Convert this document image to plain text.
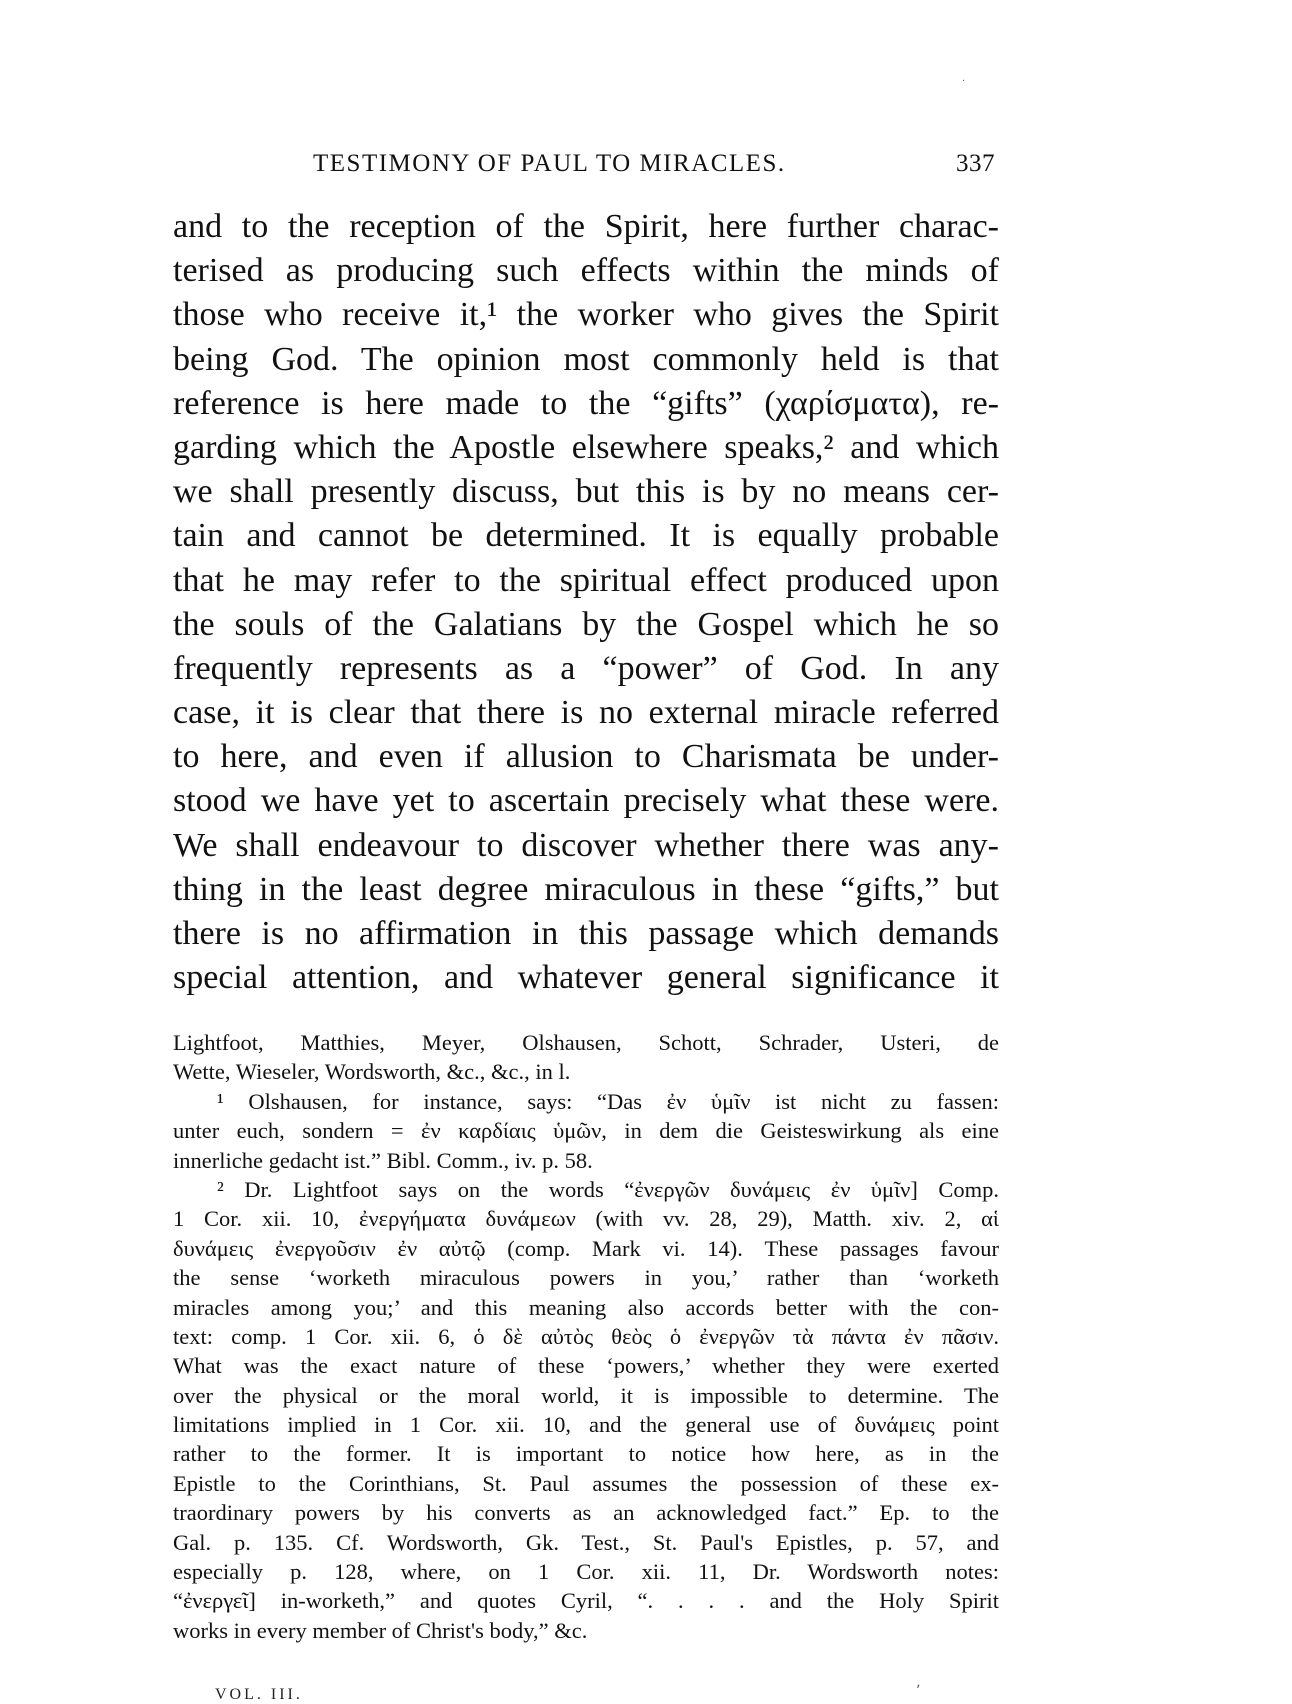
·
TESTIMONY OF PAUL TO MIRACLES.	337
and to the reception of the Spirit, here further charac-
terised as producing such effects within the minds of
those who receive it,¹ the worker who gives the Spirit
being God. The opinion most commonly held is that
reference is here made to the “gifts” (χαρίσματα), re-
garding which the Apostle elsewhere speaks,² and which
we shall presently discuss, but this is by no means cer-
tain and cannot be determined. It is equally probable
that he may refer to the spiritual effect produced upon
the souls of the Galatians by the Gospel which he so
frequently represents as a “power” of God. In any
case, it is clear that there is no external miracle referred
to here, and even if allusion to Charismata be under-
stood we have yet to ascertain precisely what these were.
We shall endeavour to discover whether there was any-
thing in the least degree miraculous in these “gifts,” but
there is no affirmation in this passage which demands
special attention, and whatever general significance it
Lightfoot, Matthies, Meyer, Olshausen, Schott, Schrader, Usteri, de
Wette, Wieseler, Wordsworth, &c., &c., in l.
¹ Olshausen, for instance, says: “Das ἐν ὑμῖν ist nicht zu fassen:
unter euch, sondern = ἐν καρδίαις ὑμῶν, in dem die Geisteswirkung als eine
innerliche gedacht ist.” Bibl. Comm., iv. p. 58.
² Dr. Lightfoot says on the words “ἐνεργῶν δυνάμεις ἐν ὑμῖν] Comp.
1 Cor. xii. 10, ἐνεργήματα δυνάμεων (with vv. 28, 29), Matth. xiv. 2, αἱ
δυνάμεις ἐνεργοῦσιν ἐν αὐτῷ (comp. Mark vi. 14). These passages favour
the sense ‘worketh miraculous powers in you,’ rather than ‘worketh
miracles among you;’ and this meaning also accords better with the con-
text: comp. 1 Cor. xii. 6, ὁ δὲ αὐτὸς θεὸς ὁ ἐνεργῶν τὰ πάντα ἐν πᾶσιν.
What was the exact nature of these ‘powers,’ whether they were exerted
over the physical or the moral world, it is impossible to determine. The
limitations implied in 1 Cor. xii. 10, and the general use of δυνάμεις point
rather to the former. It is important to notice how here, as in the
Epistle to the Corinthians, St. Paul assumes the possession of these ex-
traordinary powers by his converts as an acknowledged fact.” Ep. to the
Gal. p. 135. Cf. Wordsworth, Gk. Test., St. Paul's Epistles, p. 57, and
especially p. 128, where, on 1 Cor. xii. 11, Dr. Wordsworth notes:
“ἐνεργεῖ] in-worketh,” and quotes Cyril, “. . . . and the Holy Spirit
works in every member of Christ's body,” &c.
VOL. III.	ʼ
